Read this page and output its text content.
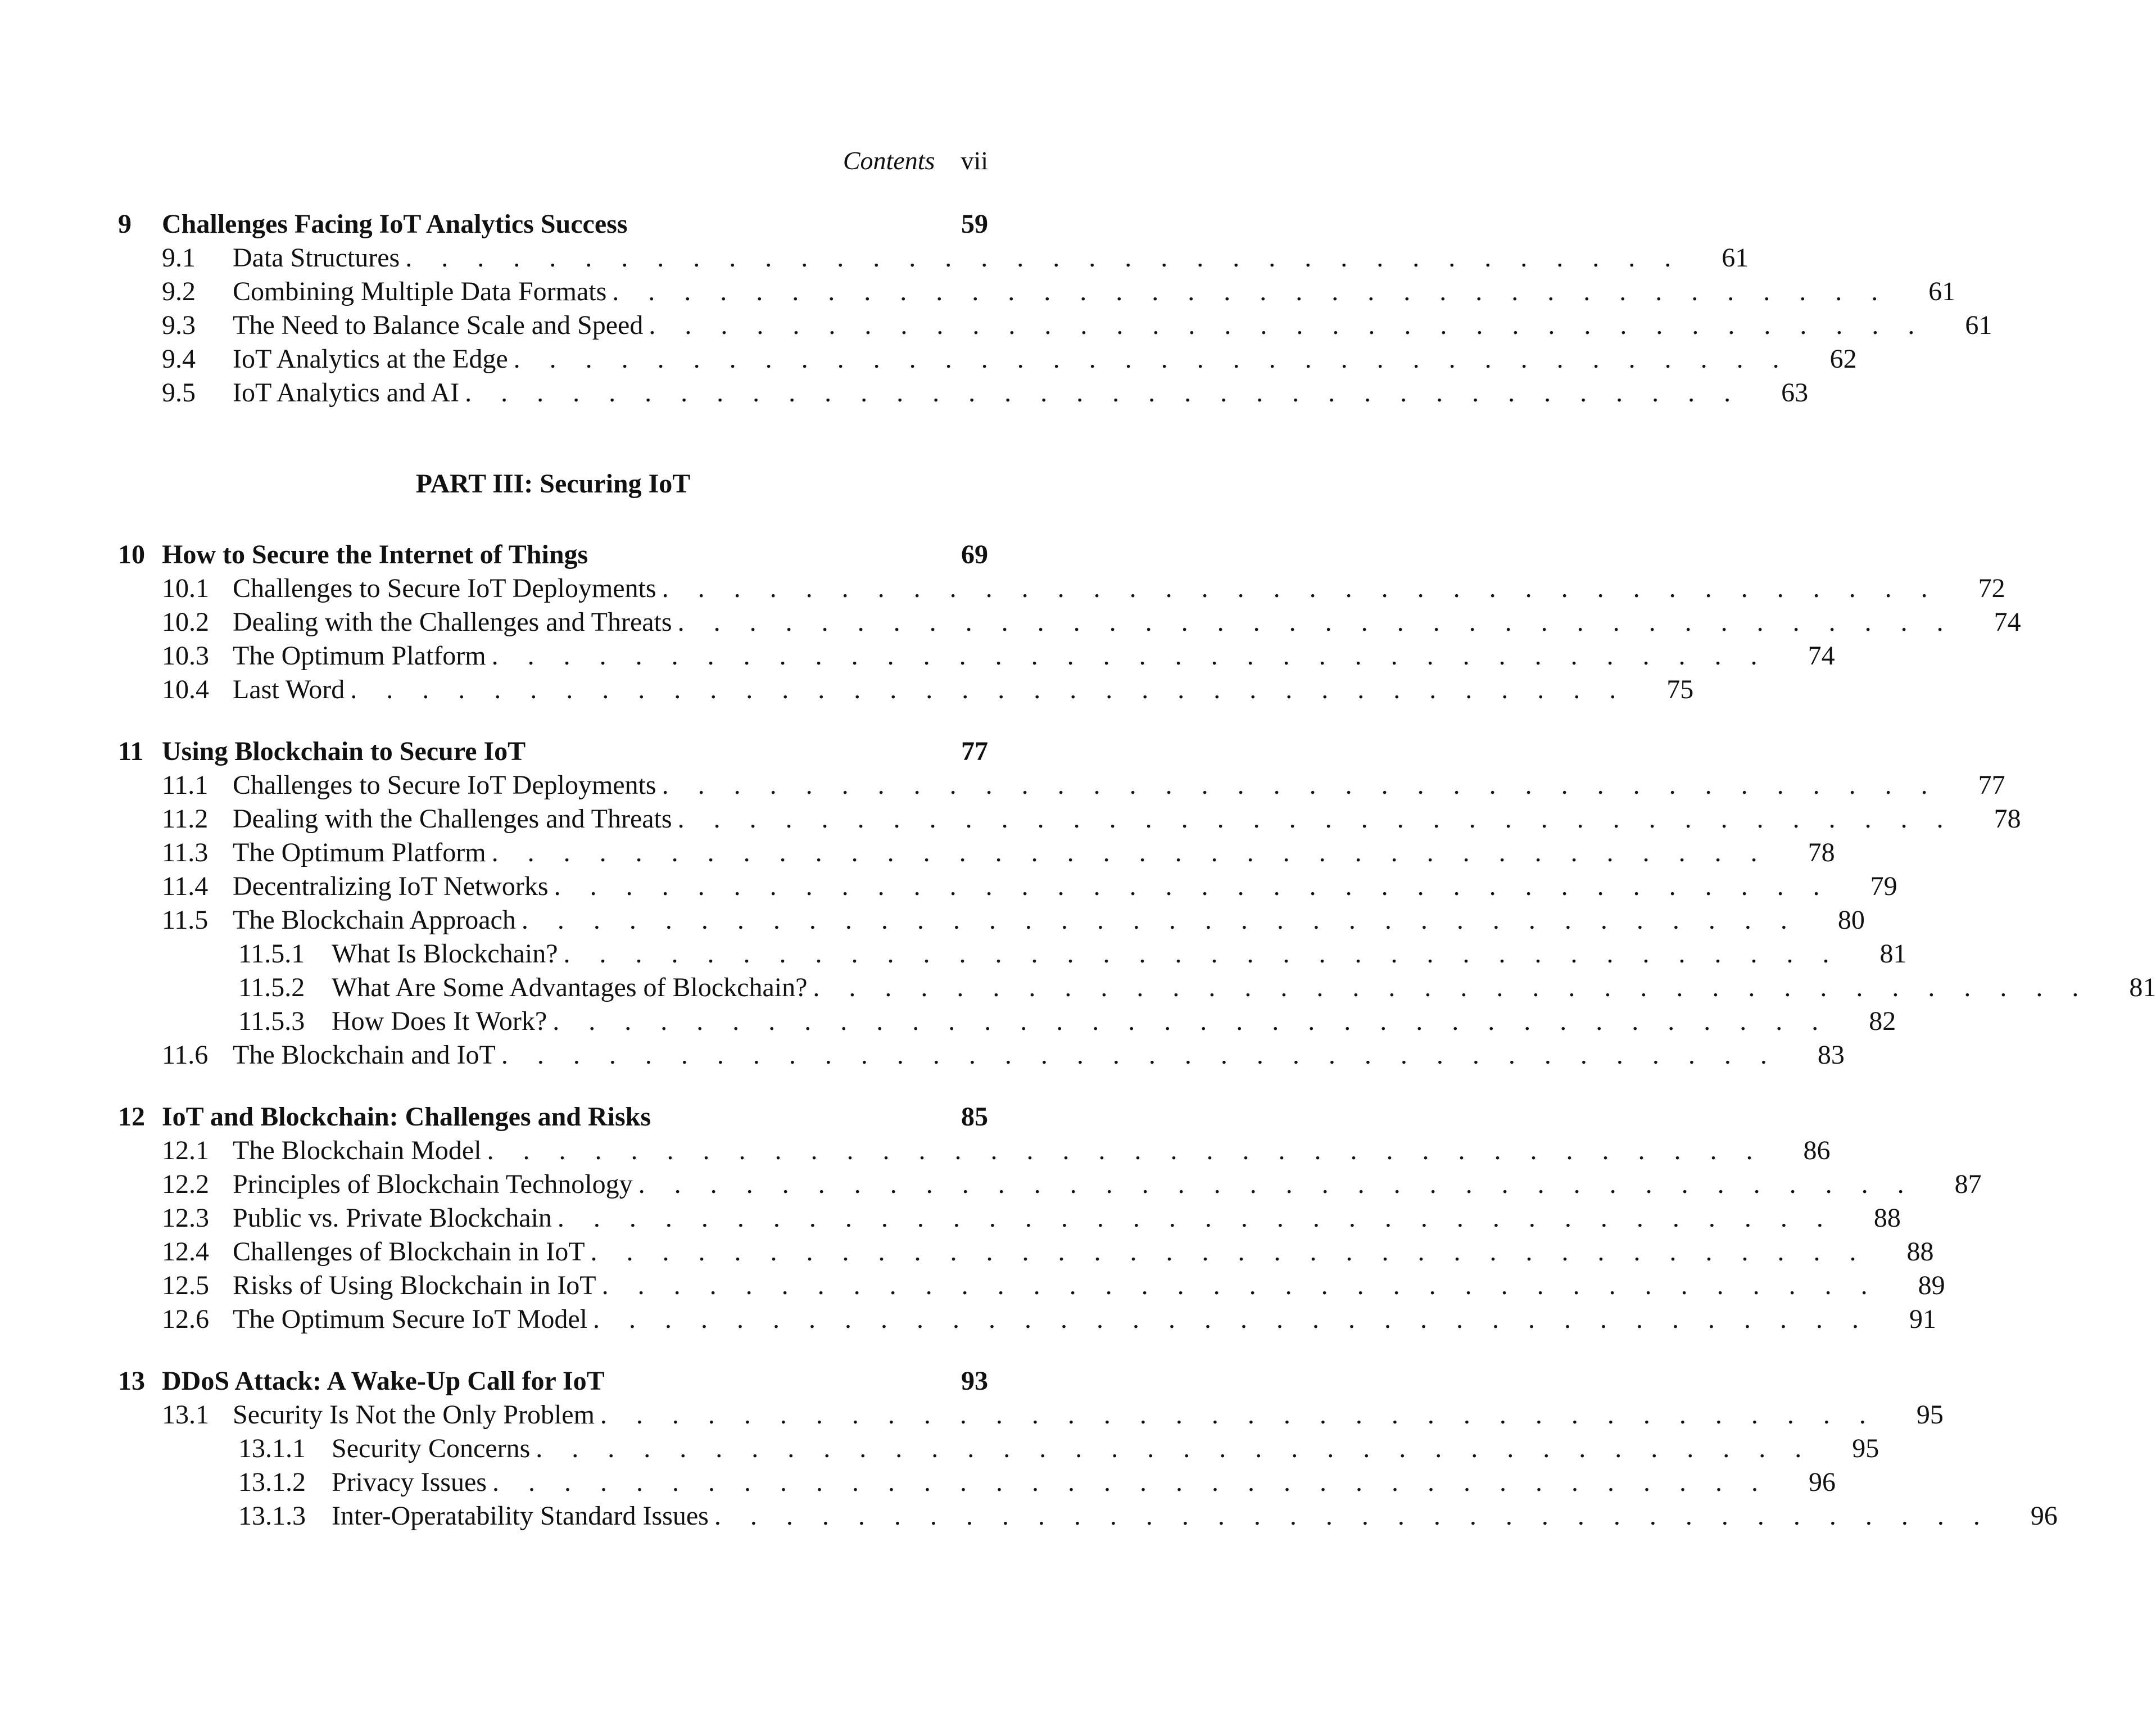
Contents vii
9	Challenges Facing IoT Analytics Success	59
9.1	Data Structures . . . . . . . . . . . . . . . . . . . . . . . . . . . . . . . . . . . .	61
9.2	Combining Multiple Data Formats . . . . . . . . . . . . . . . . . . . . . . . . . . . . . . . . . . . .	61
9.3	The Need to Balance Scale and Speed . . . . . . . . . . . . . . . . . . . . . . . . . . . . . . . . . . . .	61
9.4	IoT Analytics at the Edge . . . . . . . . . . . . . . . . . . . . . . . . . . . . . . . . . . . .	62
9.5	IoT Analytics and AI . . . . . . . . . . . . . . . . . . . . . . . . . . . . . . . . . . . .	63
PART III: Securing IoT
10 How to Secure the Internet of Things	69
10.1 Challenges to Secure IoT Deployments . . . . . . . . . . . . . . . . . . . . . . . . . . . . . . . . . . . .	72
10.2 Dealing with the Challenges and Threats . . . . . . . . . . . . . . . . . . . . . . . . . . . . . . . . . . . .	74
10.3 The Optimum Platform . . . . . . . . . . . . . . . . . . . . . . . . . . . . . . . . . . . .	74
10.4 Last Word . . . . . . . . . . . . . . . . . . . . . . . . . . . . . . . . . . . .	75
11 Using Blockchain to Secure IoT	77
11.1 Challenges to Secure IoT Deployments . . . . . . . . . . . . . . . . . . . . . . . . . . . . . . . . . . . .	77
11.2 Dealing with the Challenges and Threats . . . . . . . . . . . . . . . . . . . . . . . . . . . . . . . . . . . .	78
11.3 The Optimum Platform . . . . . . . . . . . . . . . . . . . . . . . . . . . . . . . . . . . .	78
11.4 Decentralizing IoT Networks . . . . . . . . . . . . . . . . . . . . . . . . . . . . . . . . . . . .	79
11.5 The Blockchain Approach . . . . . . . . . . . . . . . . . . . . . . . . . . . . . . . . . . . .	80
11.5.1 What Is Blockchain? . . . . . . . . . . . . . . . . . . . . . . . . . . . . . . . . . . . .	81
11.5.2 What Are Some Advantages of Blockchain? . . . . . . . . . . . . . . . . . . . . . . . . . . . . . . . . . . . .	81
11.5.3 How Does It Work? . . . . . . . . . . . . . . . . . . . . . . . . . . . . . . . . . . . .	82
11.6 The Blockchain and IoT . . . . . . . . . . . . . . . . . . . . . . . . . . . . . . . . . . . .	83
12 IoT and Blockchain: Challenges and Risks	85
12.1 The Blockchain Model . . . . . . . . . . . . . . . . . . . . . . . . . . . . . . . . . . . .	86
12.2 Principles of Blockchain Technology . . . . . . . . . . . . . . . . . . . . . . . . . . . . . . . . . . . .	87
12.3 Public vs. Private Blockchain . . . . . . . . . . . . . . . . . . . . . . . . . . . . . . . . . . . .	88
12.4 Challenges of Blockchain in IoT . . . . . . . . . . . . . . . . . . . . . . . . . . . . . . . . . . . .	88
12.5 Risks of Using Blockchain in IoT . . . . . . . . . . . . . . . . . . . . . . . . . . . . . . . . . . . .	89
12.6 The Optimum Secure IoT Model . . . . . . . . . . . . . . . . . . . . . . . . . . . . . . . . . . . .	91
13 DDoS Attack: A Wake-Up Call for IoT	93
13.1 Security Is Not the Only Problem . . . . . . . . . . . . . . . . . . . . . . . . . . . . . . . . . . . .	95
13.1.1 Security Concerns . . . . . . . . . . . . . . . . . . . . . . . . . . . . . . . . . . . .	95
13.1.2 Privacy Issues . . . . . . . . . . . . . . . . . . . . . . . . . . . . . . . . . . . .	96
13.1.3 Inter-Operatability Standard Issues . . . . . . . . . . . . . . . . . . . . . . . . . . . . . . . . . . . .	96
